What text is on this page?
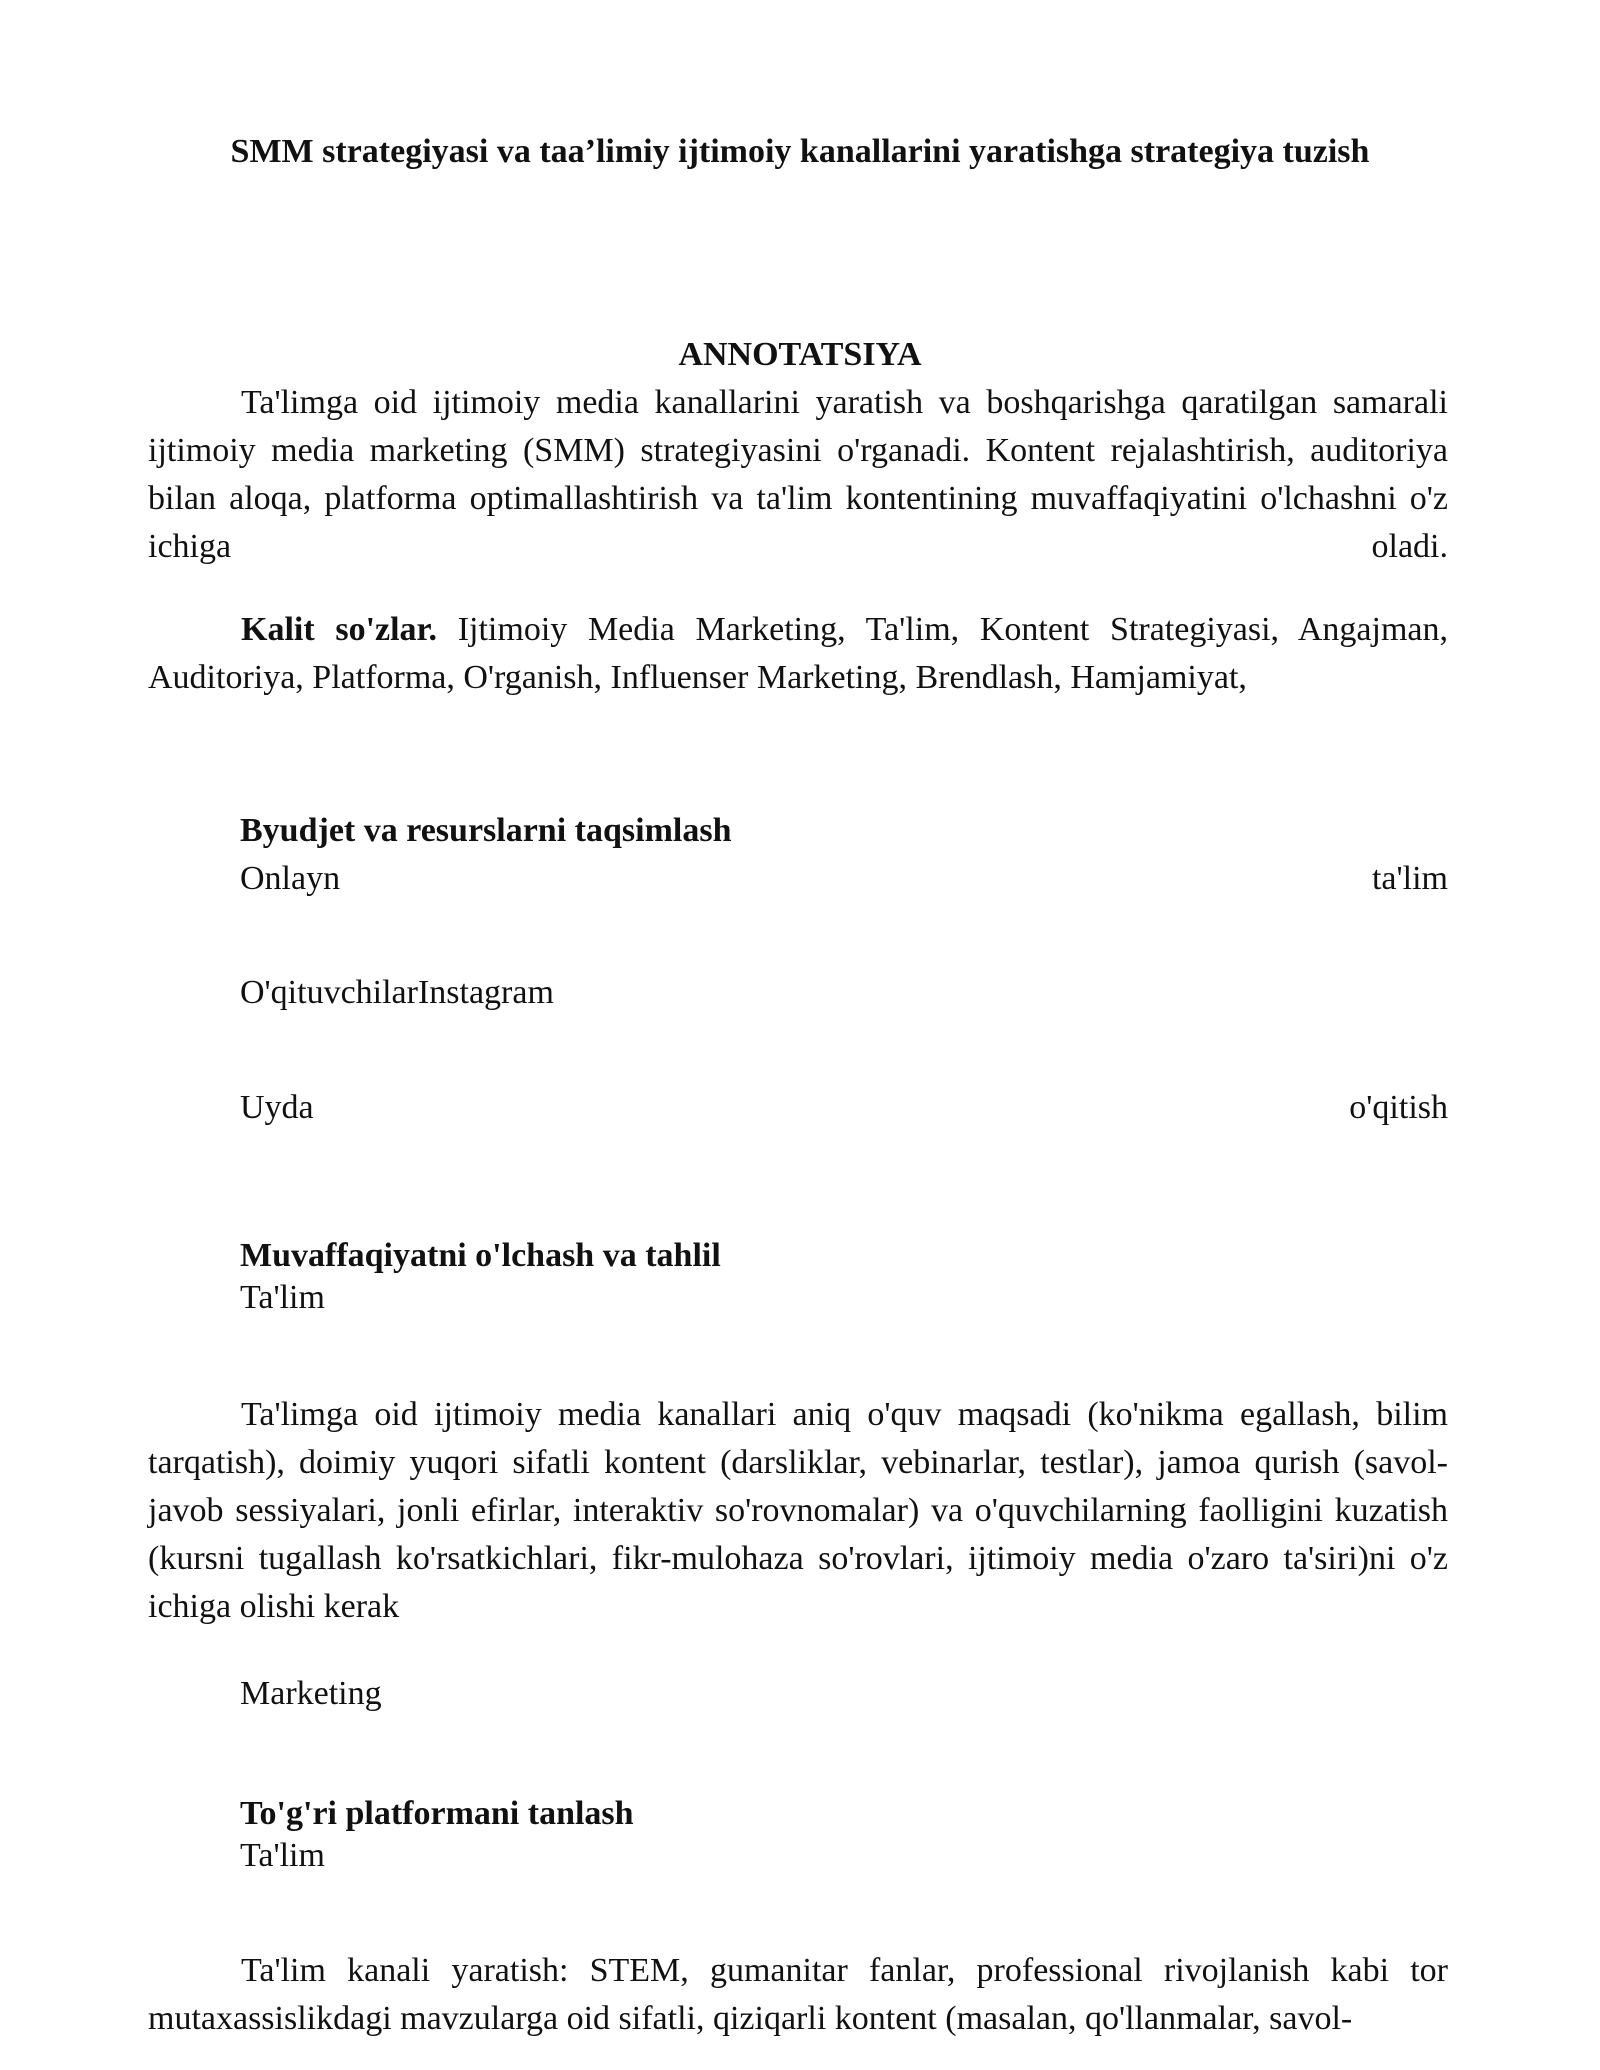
SMM strategiyasi va taa’limiy ijtimoiy kanallarini yaratishga strategiya tuzish
ANNOTATSIYA
Ta'limga oid ijtimoiy media kanallarini yaratish va boshqarishga qaratilgan samarali ijtimoiy media marketing (SMM) strategiyasini o'rganadi. Kontent rejalashtirish, auditoriya bilan aloqa, platforma optimallashtirish va ta'lim kontentining muvaffaqiyatini o'lchashni o'z ichiga oladi.
Kalit so'zlar. Ijtimoiy Media Marketing, Ta'lim, Kontent Strategiyasi, Angajman, Auditoriya, Platforma, O'rganish, Influenser Marketing, Brendlash, Hamjamiyat,
Byudjet va resurslarni taqsimlash
Onlayn	ta'lim
O'qituvchilarInstagram
Uyda	o'qitish
Muvaffaqiyatni o'lchash va tahlil
Ta'lim
Ta'limga oid ijtimoiy media kanallari aniq o'quv maqsadi (ko'nikma egallash, bilim tarqatish), doimiy yuqori sifatli kontent (darsliklar, vebinarlar, testlar), jamoa qurish (savol-javob sessiyalari, jonli efirlar, interaktiv so'rovnomalar) va o'quvchilarning faolligini kuzatish (kursni tugallash ko'rsatkichlari, fikr-mulohaza so'rovlari, ijtimoiy media o'zaro ta'siri)ni o'z ichiga olishi kerak
Marketing
To'g'ri platformani tanlash
Ta'lim
Ta'lim kanali yaratish: STEM, gumanitar fanlar, professional rivojlanish kabi tor mutaxassislikdagi mavzularga oid sifatli, qiziqarli kontent (masalan, qo'llanmalar, savol-
